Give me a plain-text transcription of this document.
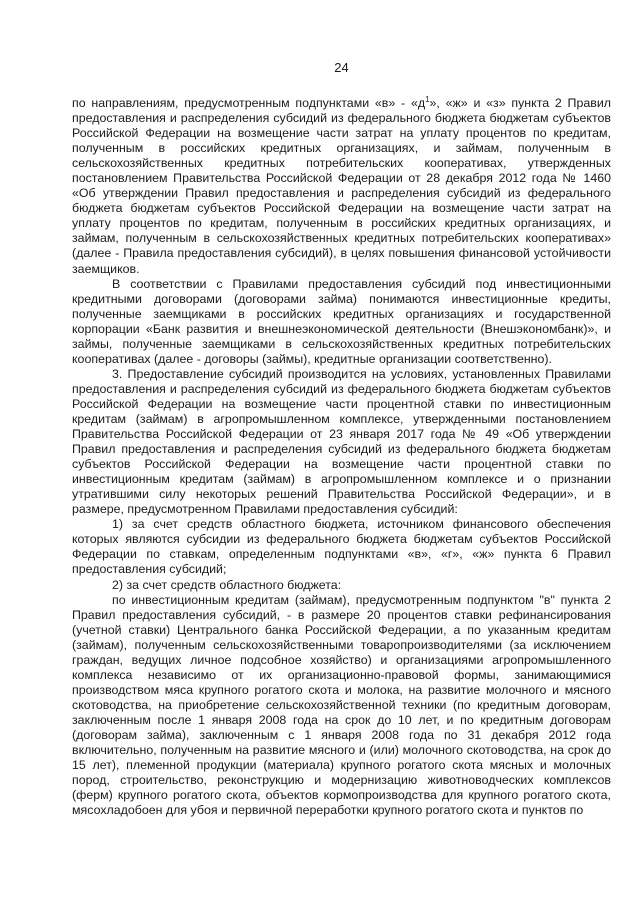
24

по направлениям, предусмотренным подпунктами «в» - «$д^1$», «ж» и «з» пункта 2 Правил предоставления и распределения субсидий из федерального бюджета бюджетам субъектов Российской Федерации на возмещение части затрат на уплату процентов по кредитам, полученным в российских кредитных организациях, и займам, полученным в сельскохозяйственных кредитных потребительских кооперативах, утвержденных постановлением Правительства Российской Федерации от 28 декабря 2012 года № 1460 «Об утверждении Правил предоставления и распределения субсидий из федерального бюджета бюджетам субъектов Российской Федерации на возмещение части затрат на уплату процентов по кредитам, полученным в российских кредитных организациях, и займам, полученным в сельскохозяйственных кредитных потребительских кооперативах» (далее - Правила предоставления субсидий), в целях повышения финансовой устойчивости заемщиков.

В соответствии с Правилами предоставления субсидий под инвестиционными кредитными договорами (договорами займа) понимаются инвестиционные кредиты, полученные заемщиками в российских кредитных организациях и государственной корпорации «Банк развития и внешнеэкономической деятельности (Внешэкономбанк)», и займы, полученные заемщиками в сельскохозяйственных кредитных потребительских кооперативах (далее - договоры (займы), кредитные организации соответственно).

3. Предоставление субсидий производится на условиях, установленных Правилами предоставления и распределения субсидий из федерального бюджета бюджетам субъектов Российской Федерации на возмещение части процентной ставки по инвестиционным кредитам (займам) в агропромышленном комплексе, утвержденными постановлением Правительства Российской Федерации от 23 января 2017 года № 49 «Об утверждении Правил предоставления и распределения субсидий из федерального бюджета бюджетам субъектов Российской Федерации на возмещение части процентной ставки по инвестиционным кредитам (займам) в агропромышленном комплексе и о признании утратившими силу некоторых решений Правительства Российской Федерации», и в размере, предусмотренном Правилами предоставления субсидий:

1) за счет средств областного бюджета, источником финансового обеспечения которых являются субсидии из федерального бюджета бюджетам субъектов Российской Федерации по ставкам, определенным подпунктами «в», «г», «ж» пункта 6 Правил предоставления субсидий;

2) за счет средств областного бюджета:

по инвестиционным кредитам (займам), предусмотренным подпунктом "в" пункта 2 Правил предоставления субсидий, - в размере 20 процентов ставки рефинансирования (учетной ставки) Центрального банка Российской Федерации, а по указанным кредитам (займам), полученным сельскохозяйственными товаропроизводителями (за исключением граждан, ведущих личное подсобное хозяйство) и организациями агропромышленного комплекса независимо от их организационно-правовой формы, занимающимися производством мяса крупного рогатого скота и молока, на развитие молочного и мясного скотоводства, на приобретение сельскохозяйственной техники (по кредитным договорам, заключенным после 1 января 2008 года на срок до 10 лет, и по кредитным договорам (договорам займа), заключенным с 1 января 2008 года по 31 декабря 2012 года включительно, полученным на развитие мясного и (или) молочного скотоводства, на срок до 15 лет), племенной продукции (материала) крупного рогатого скота мясных и молочных пород, строительство, реконструкцию и модернизацию животноводческих комплексов (ферм) крупного рогатого скота, объектов кормопроизводства для крупного рогатого скота, мясохладобоен для убоя и первичной переработки крупного рогатого скота и пунктов по
